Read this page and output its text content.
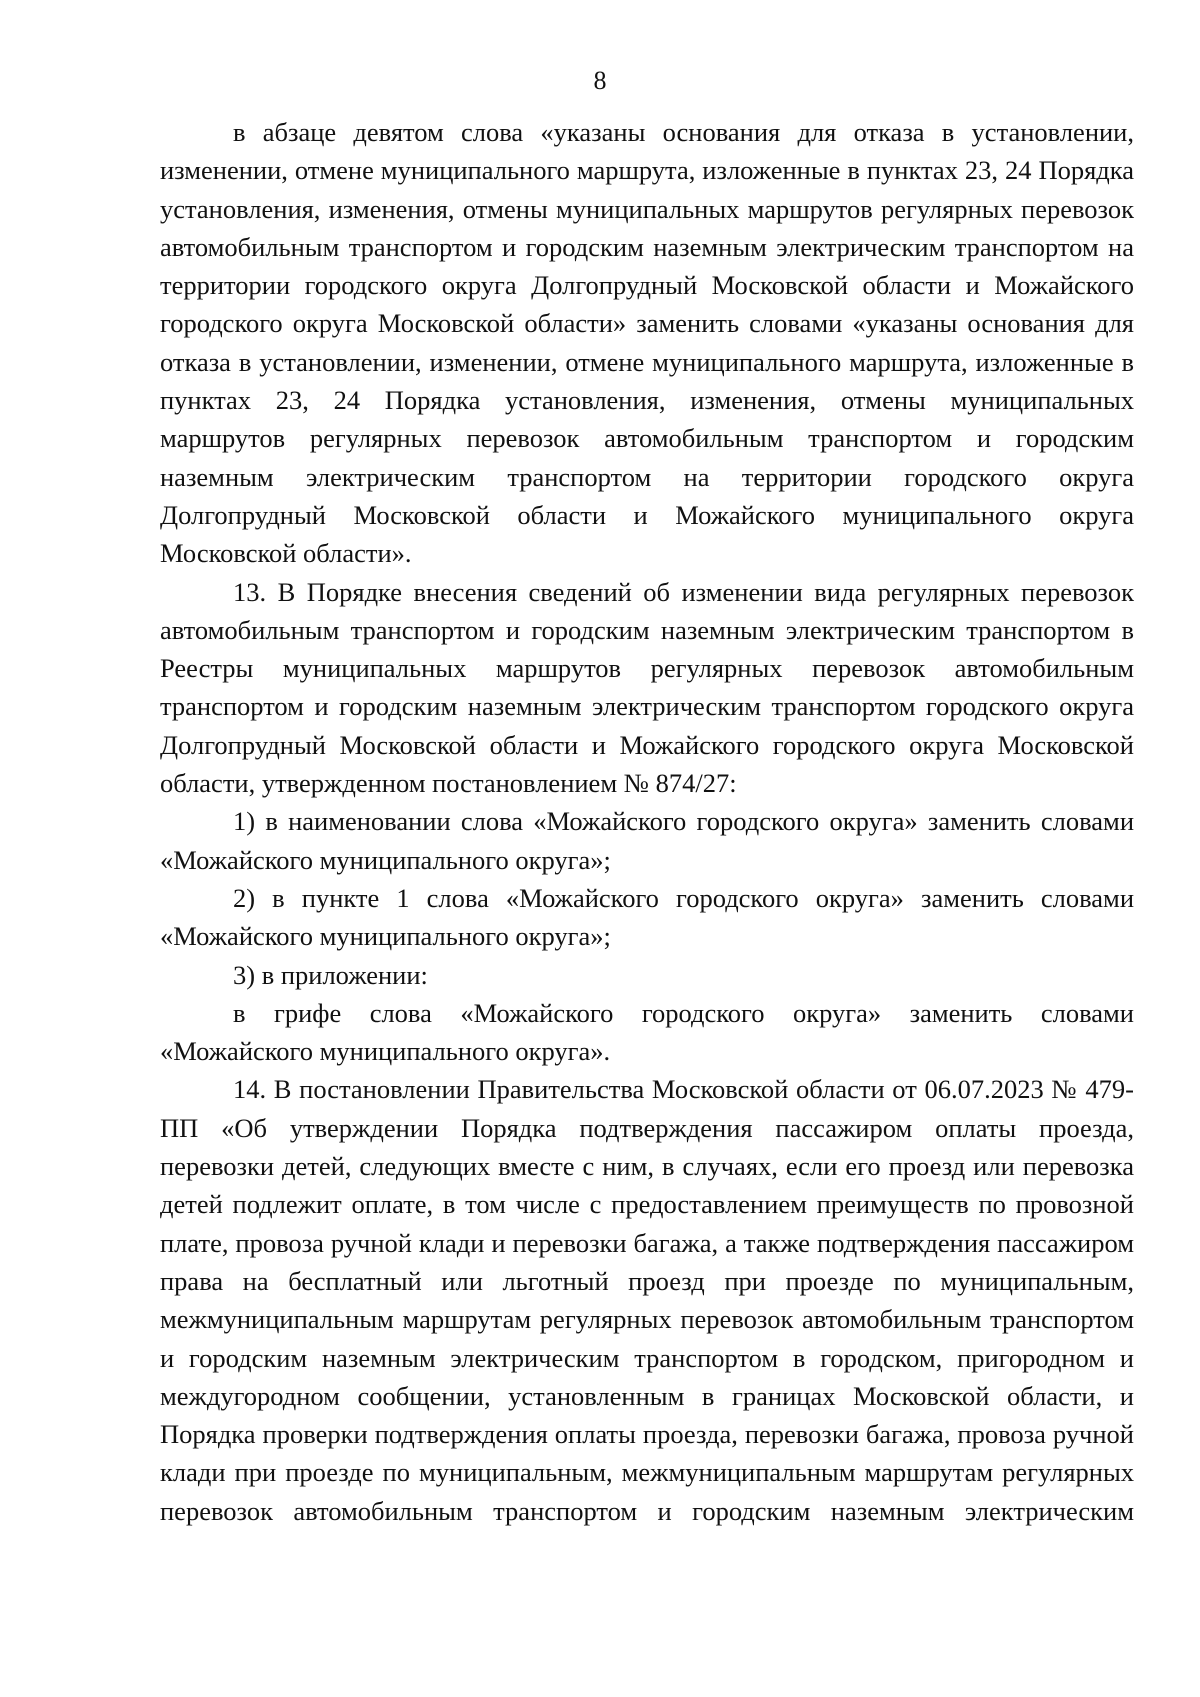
8

в абзаце девятом слова «указаны основания для отказа в установлении, изменении, отмене муниципального маршрута, изложенные в пунктах 23, 24 Порядка установления, изменения, отмены муниципальных маршрутов регулярных перевозок автомобильным транспортом и городским наземным электрическим транспортом на территории городского округа Долгопрудный Московской области и Можайского городского округа Московской области» заменить словами «указаны основания для отказа в установлении, изменении, отмене муниципального маршрута, изложенные в пунктах 23, 24 Порядка установления, изменения, отмены муниципальных маршрутов регулярных перевозок автомобильным транспортом и городским наземным электрическим транспортом на территории городского округа Долгопрудный Московской области и Можайского муниципального округа Московской области».

13. В Порядке внесения сведений об изменении вида регулярных перевозок автомобильным транспортом и городским наземным электрическим транспортом в Реестры муниципальных маршрутов регулярных перевозок автомобильным транспортом и городским наземным электрическим транспортом городского округа Долгопрудный Московской области и Можайского городского округа Московской области, утвержденном постановлением № 874/27:

1) в наименовании слова «Можайского городского округа» заменить словами «Можайского муниципального округа»;

2) в пункте 1 слова «Можайского городского округа» заменить словами «Можайского муниципального округа»;

3) в приложении:

в грифе слова «Можайского городского округа» заменить словами «Можайского муниципального округа».

14. В постановлении Правительства Московской области от 06.07.2023 № 479-ПП «Об утверждении Порядка подтверждения пассажиром оплаты проезда, перевозки детей, следующих вместе с ним, в случаях, если его проезд или перевозка детей подлежит оплате, в том числе с предоставлением преимуществ по провозной плате, провоза ручной клади и перевозки багажа, а также подтверждения пассажиром права на бесплатный или льготный проезд при проезде по муниципальным, межмуниципальным маршрутам регулярных перевозок автомобильным транспортом и городским наземным электрическим транспортом в городском, пригородном и междугородном сообщении, установленным в границах Московской области, и Порядка проверки подтверждения оплаты проезда, перевозки багажа, провоза ручной клади при проезде по муниципальным, межмуниципальным маршрутам регулярных перевозок автомобильным транспортом и городским наземным электрическим
